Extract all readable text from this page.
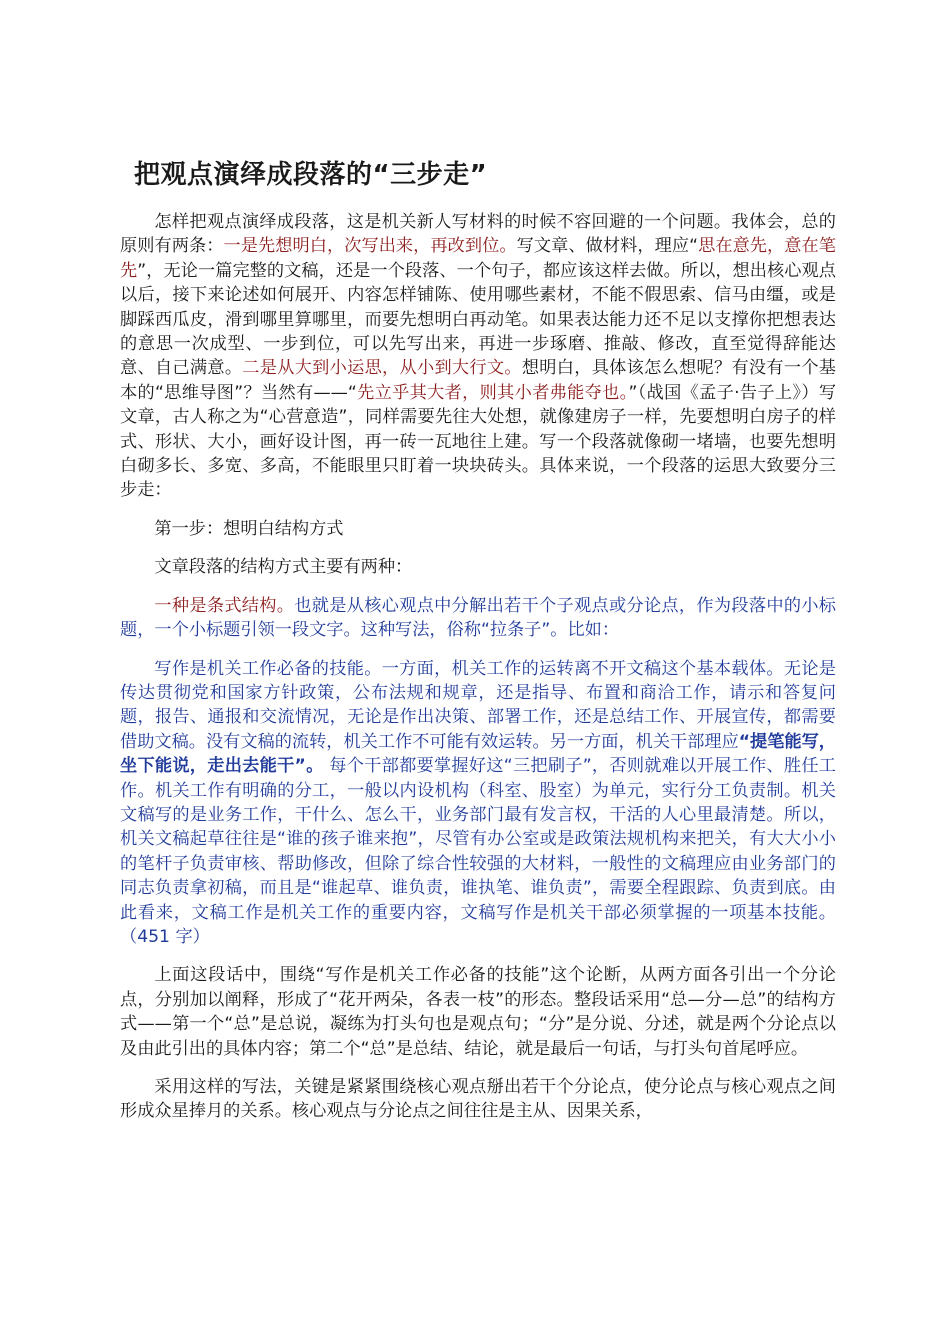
把观点演绎成段落的“三步走”

怎样把观点演绎成段落，这是机关新人写材料的时候不容回避的一个问题。我体会，总的原则有两条：一是先想明白，次写出来，再改到位。写文章、做材料，理应“思在意先，意在笔先”，无论一篇完整的文稿，还是一个段落、一个句子，都应该这样去做。所以，想出核心观点以后，接下来论述如何展开、内容怎样铺陈、使用哪些素材，不能不假思索、信马由缰，或是脚踩西瓜皮，滑到哪里算哪里，而要先想明白再动笔。如果表达能力还不足以支撑你把想表达的意思一次成型、一步到位，可以先写出来，再进一步琢磨、推敲、修改，直至觉得辞能达意、自己满意。二是从大到小运思，从小到大行文。想明白，具体该怎么想呢？有没有一个基本的“思维导图”？当然有——“先立乎其大者，则其小者弗能夺也。”（战国《孟子·告子上》）写文章，古人称之为“心营意造”，同样需要先往大处想，就像建房子一样，先要想明白房子的样式、形状、大小，画好设计图，再一砖一瓦地往上建。写一个段落就像砌一堵墙，也要先想明白砌多长、多宽、多高，不能眼里只盯着一块块砖头。具体来说，一个段落的运思大致要分三步走：

第一步：想明白结构方式

文章段落的结构方式主要有两种：

一种是条式结构。也就是从核心观点中分解出若干个子观点或分论点，作为段落中的小标题，一个小标题引领一段文字。这种写法，俗称“拉条子”。比如：

写作是机关工作必备的技能。一方面，机关工作的运转离不开文稿这个基本载体。无论是传达贯彻党和国家方针政策，公布法规和规章，还是指导、布置和商洽工作，请示和答复问题，报告、通报和交流情况，无论是作出决策、部署工作，还是总结工作、开展宣传，都需要借助文稿。没有文稿的流转，机关工作不可能有效运转。另一方面，机关干部理应“提笔能写，坐下能说，走出去能干”。 每个干部都要掌握好这“三把刷子”，否则就难以开展工作、胜任工作。机关工作有明确的分工，一般以内设机构（科室、股室）为单元，实行分工负责制。机关文稿写的是业务工作，干什么、怎么干，业务部门最有发言权，干活的人心里最清楚。所以，机关文稿起草往往是“谁的孩子谁来抱”，尽管有办公室或是政策法规机构来把关，有大大小小的笔杆子负责审核、帮助修改，但除了综合性较强的大材料，一般性的文稿理应由业务部门的同志负责拿初稿，而且是“谁起草、谁负责，谁执笔、谁负责”，需要全程跟踪、负责到底。由此看来，文稿工作是机关工作的重要内容，文稿写作是机关干部必须掌握的一项基本技能。（451 字）

上面这段话中，围绕“写作是机关工作必备的技能”这个论断，从两方面各引出一个分论点，分别加以阐释，形成了“花开两朵，各表一枝”的形态。整段话采用“总—分—总”的结构方式——第一个“总”是总说，凝练为打头句也是观点句；“分”是分说、分述，就是两个分论点以及由此引出的具体内容；第二个“总”是总结、结论，就是最后一句话，与打头句首尾呼应。

采用这样的写法，关键是紧紧围绕核心观点掰出若干个分论点，使分论点与核心观点之间形成众星捧月的关系。核心观点与分论点之间往往是主从、因果关系，
